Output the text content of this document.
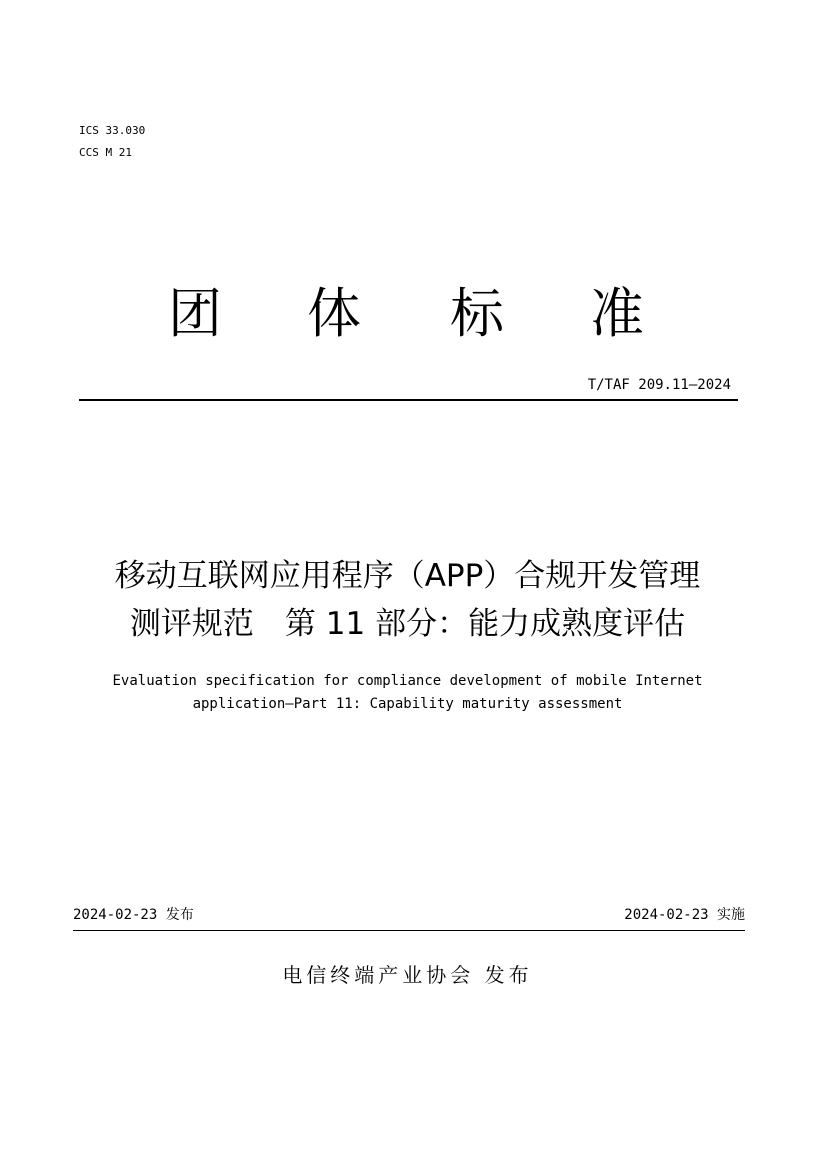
ICS 33.030
CCS M 21
团 体 标 准
T/TAF 209.11—2024
移动互联网应用程序（APP）合规开发管理
测评规范　第 11 部分：能力成熟度评估
Evaluation specification for compliance development of mobile Internet
application—Part 11: Capability maturity assessment
2024-02-23 发布	2024-02-23 实施
电信终端产业协会 发布
